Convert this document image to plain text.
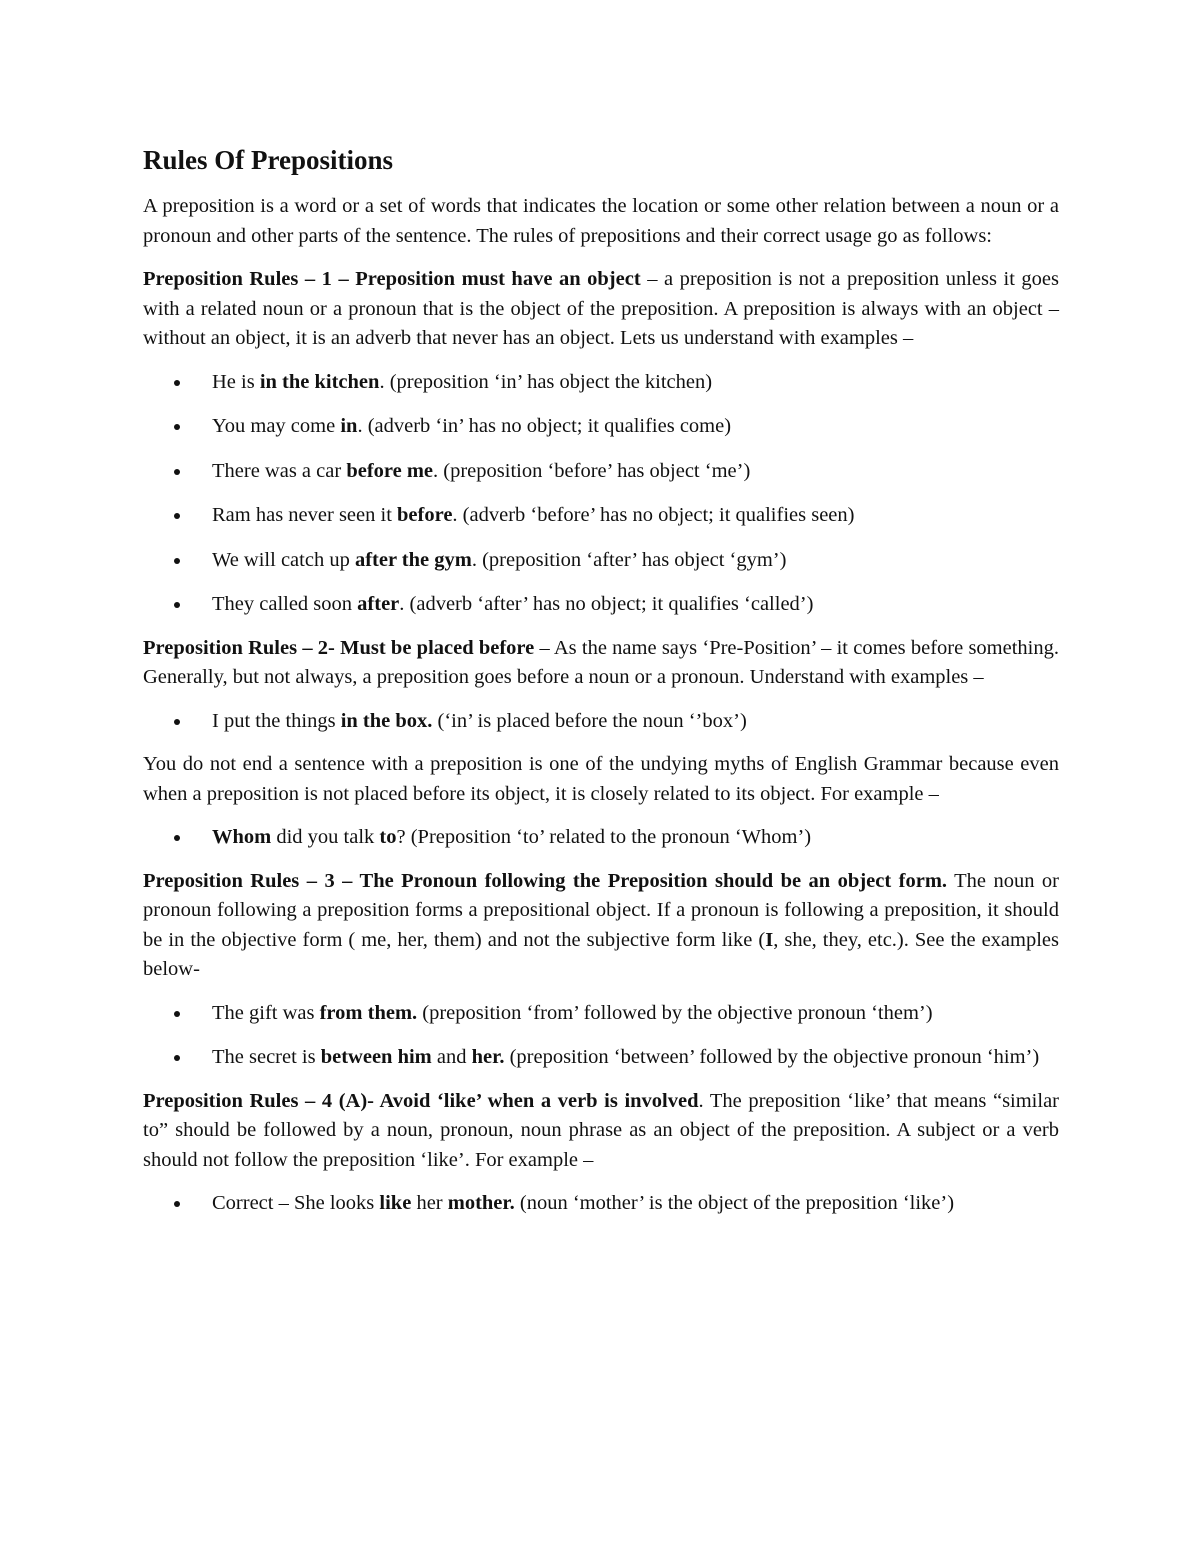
Rules Of Prepositions

A preposition is a word or a set of words that indicates the location or some other relation between a noun or a pronoun and other parts of the sentence. The rules of prepositions and their correct usage go as follows:

Preposition Rules – 1 – Preposition must have an object – a preposition is not a preposition unless it goes with a related noun or a pronoun that is the object of the preposition. A preposition is always with an object – without an object, it is an adverb that never has an object. Lets us understand with examples –

He is in the kitchen. (preposition ‘in’ has object the kitchen)
You may come in. (adverb ‘in’ has no object; it qualifies come)
There was a car before me. (preposition ‘before’ has object ‘me’)
Ram has never seen it before. (adverb ‘before’ has no object; it qualifies seen)
We will catch up after the gym. (preposition ‘after’ has object ‘gym’)
They called soon after. (adverb ‘after’ has no object; it qualifies ‘called’)

Preposition Rules – 2- Must be placed before – As the name says ‘Pre-Position’ – it comes before something. Generally, but not always, a preposition goes before a noun or a pronoun. Understand with examples –

I put the things in the box. (‘in’ is placed before the noun ‘’box’)

You do not end a sentence with a preposition is one of the undying myths of English Grammar because even when a preposition is not placed before its object, it is closely related to its object. For example –

Whom did you talk to? (Preposition ‘to’ related to the pronoun ‘Whom’)

Preposition Rules – 3 – The Pronoun following the Preposition should be an object form. The noun or pronoun following a preposition forms a prepositional object. If a pronoun is following a preposition, it should be in the objective form ( me, her, them) and not the subjective form like (I, she, they, etc.). See the examples below-

The gift was from them. (preposition ‘from’ followed by the objective pronoun ‘them’)
The secret is between him and her. (preposition ‘between’ followed by the objective pronoun ‘him’)

Preposition Rules – 4 (A)- Avoid ‘like’ when a verb is involved. The preposition ‘like’ that means “similar to” should be followed by a noun, pronoun, noun phrase as an object of the preposition. A subject or a verb should not follow the preposition ‘like’. For example –

Correct – She looks like her mother. (noun ‘mother’ is the object of the preposition ‘like’)
